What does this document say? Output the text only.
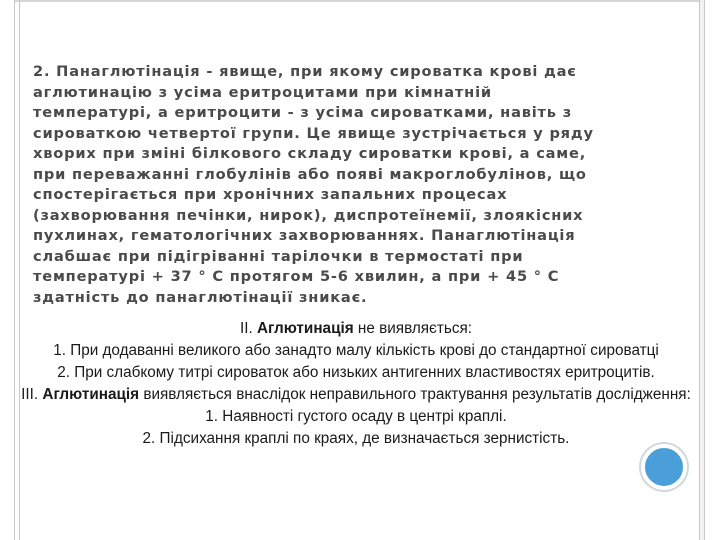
2. Панаглютінація - явище, при якому сироватка крові дає
аглютинацію з усіма еритроцитами при кімнатній
температурі, а еритроцити - з усіма сироватками, навіть з
сироваткою четвертої групи. Це явище зустрічається у ряду
хворих при зміні білкового складу сироватки крові, а саме,
при переважанні глобулінів або появі макроглобулінов, що
спостерігається при хронічних запальних процесах
(захворювання печінки, нирок), диспротеїнемії, злоякісних
пухлинах, гематологічних захворюваннях. Панаглютінація
слабшає при підігріванні тарілочки в термостаті при
температурі + 37 ° С протягом 5-6 хвилин, а при + 45 ° С
здатність до панаглютінації зникає.

II. Аглютинація не виявляється:

1. При додаванні великого або занадто малу кількість крові до стандартної сироватці

2. При слабкому титрі сироваток або низьких антигенних властивостях еритроцитів.

III. Аглютинація виявляється внаслідок неправильного трактування результатів дослідження:

1. Наявності густого осаду в центрі краплі.

2. Підсихання краплі по краях, де визначається зернистість.
